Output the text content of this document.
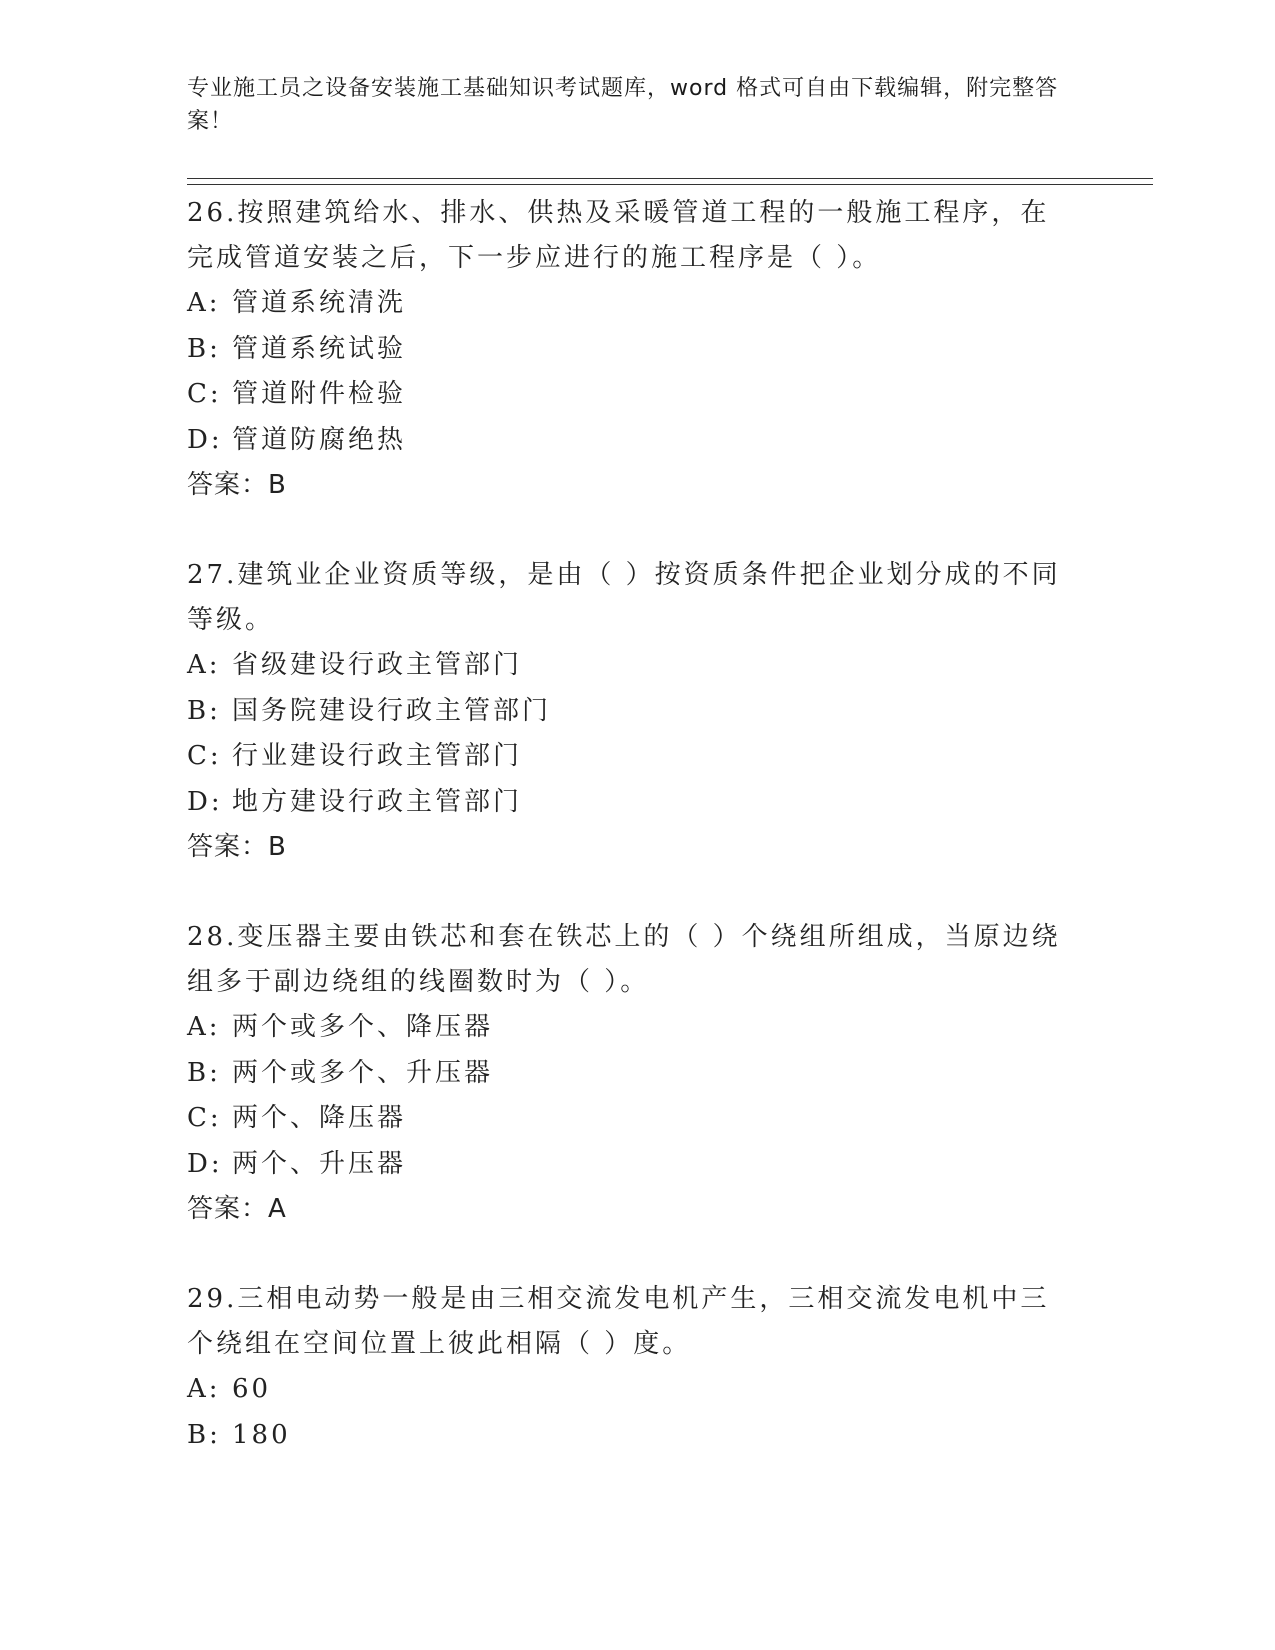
专业施工员之设备安装施工基础知识考试题库，word 格式可自由下载编辑，附完整答案！

26.按照建筑给水、排水、供热及采暖管道工程的一般施工程序，在完成管道安装之后，下一步应进行的施工程序是（ ）。

A: 管道系统清洗

B: 管道系统试验

C: 管道附件检验

D: 管道防腐绝热

答案：B

27.建筑业企业资质等级，是由（ ）按资质条件把企业划分成的不同等级。

A: 省级建设行政主管部门

B: 国务院建设行政主管部门

C: 行业建设行政主管部门

D: 地方建设行政主管部门

答案：B

28.变压器主要由铁芯和套在铁芯上的（ ）个绕组所组成，当原边绕组多于副边绕组的线圈数时为（ ）。

A: 两个或多个、降压器

B: 两个或多个、升压器

C: 两个、降压器

D: 两个、升压器

答案：A

29.三相电动势一般是由三相交流发电机产生，三相交流发电机中三个绕组在空间位置上彼此相隔（ ）度。

A: 60

B: 180
